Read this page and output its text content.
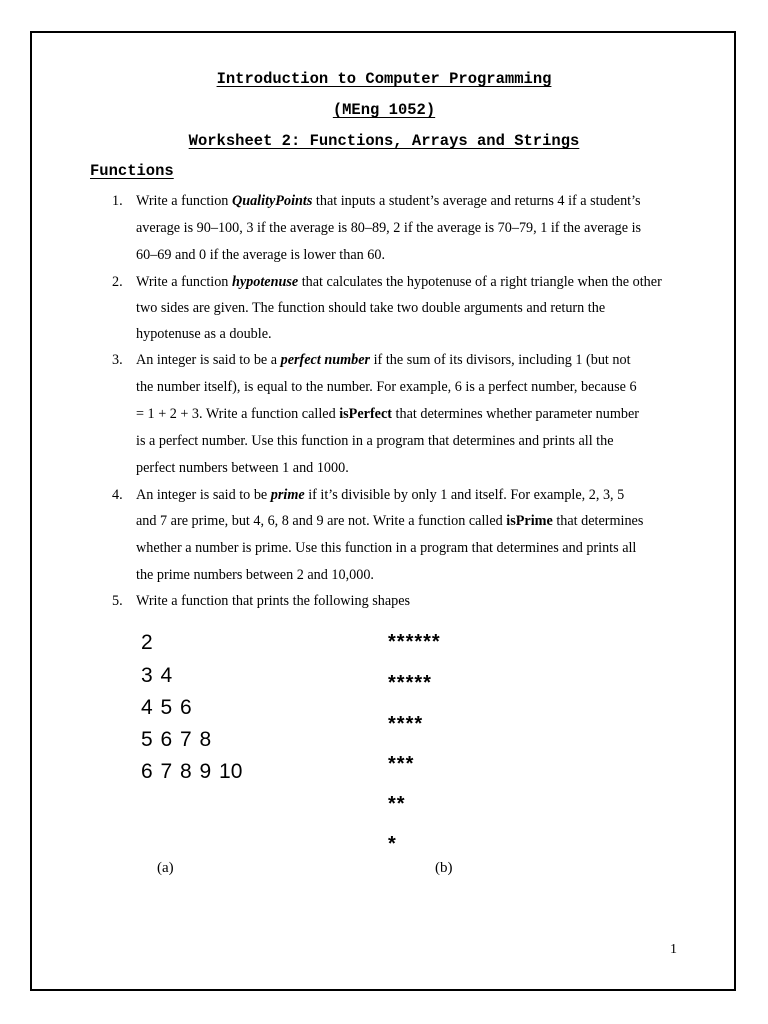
Introduction to Computer Programming
(MEng 1052)
Worksheet 2: Functions, Arrays and Strings
Functions
1. Write a function QualityPoints that inputs a student’s average and returns 4 if a student’s
average is 90–100, 3 if the average is 80–89, 2 if the average is 70–79, 1 if the average is
60–69 and 0 if the average is lower than 60.
2. Write a function hypotenuse that calculates the hypotenuse of a right triangle when the other
two sides are given. The function should take two double arguments and return the
hypotenuse as a double.
3. An integer is said to be a perfect number if the sum of its divisors, including 1 (but not
the number itself), is equal to the number. For example, 6 is a perfect number, because 6
= 1 + 2 + 3. Write a function called isPerfect that determines whether parameter number
is a perfect number. Use this function in a program that determines and prints all the
perfect numbers between 1 and 1000.
4. An integer is said to be prime if it’s divisible by only 1 and itself. For example, 2, 3, 5
and 7 are prime, but 4, 6, 8 and 9 are not. Write a function called isPrime that determines
whether a number is prime. Use this function in a program that determines and prints all
the prime numbers between 2 and 10,000.
5. Write a function that prints the following shapes
2
3 4
4 5 6
5 6 7 8
6 7 8 9 10
(a)
******
*****
****
***
**
*
(b)
1
